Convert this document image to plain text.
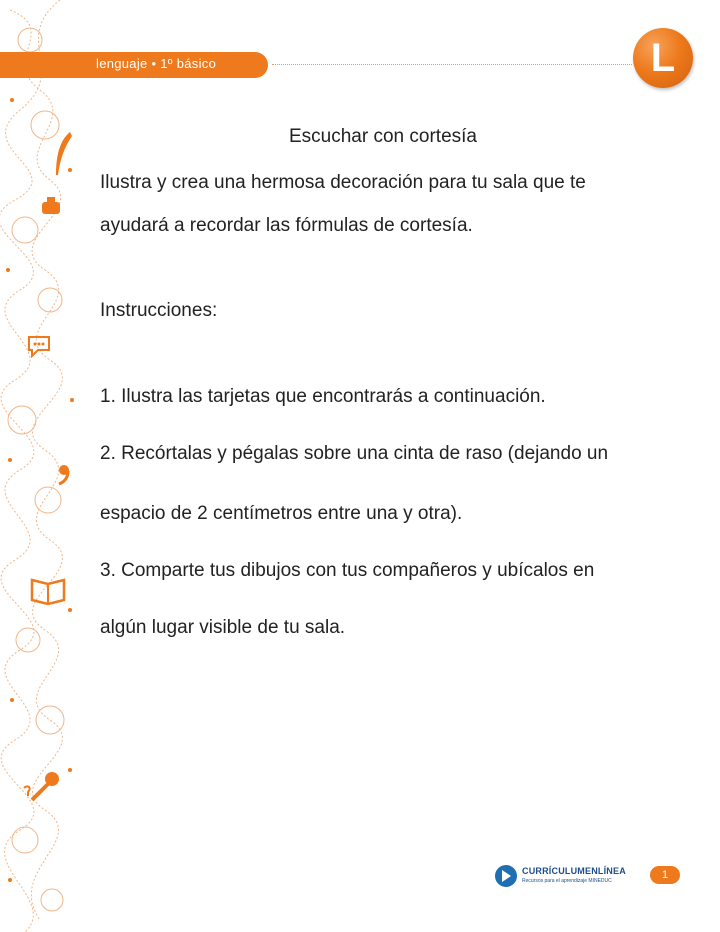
lenguaje • 1º básico	L
Escuchar con cortesía
Ilustra y crea una hermosa decoración para tu sala que te
ayudará a recordar las fórmulas de cortesía.
Instrucciones:
1. Ilustra las tarjetas que encontrarás a continuación.
2. Recórtalas y pégalas sobre una cinta de raso (dejando un
espacio de 2 centímetros entre una y otra).
3. Comparte tus dibujos con tus compañeros y ubícalos en
algún lugar visible de tu sala.
CURRÍCULUMENLÍNEA
Recursos para el aprendizaje MINEDUC	1
